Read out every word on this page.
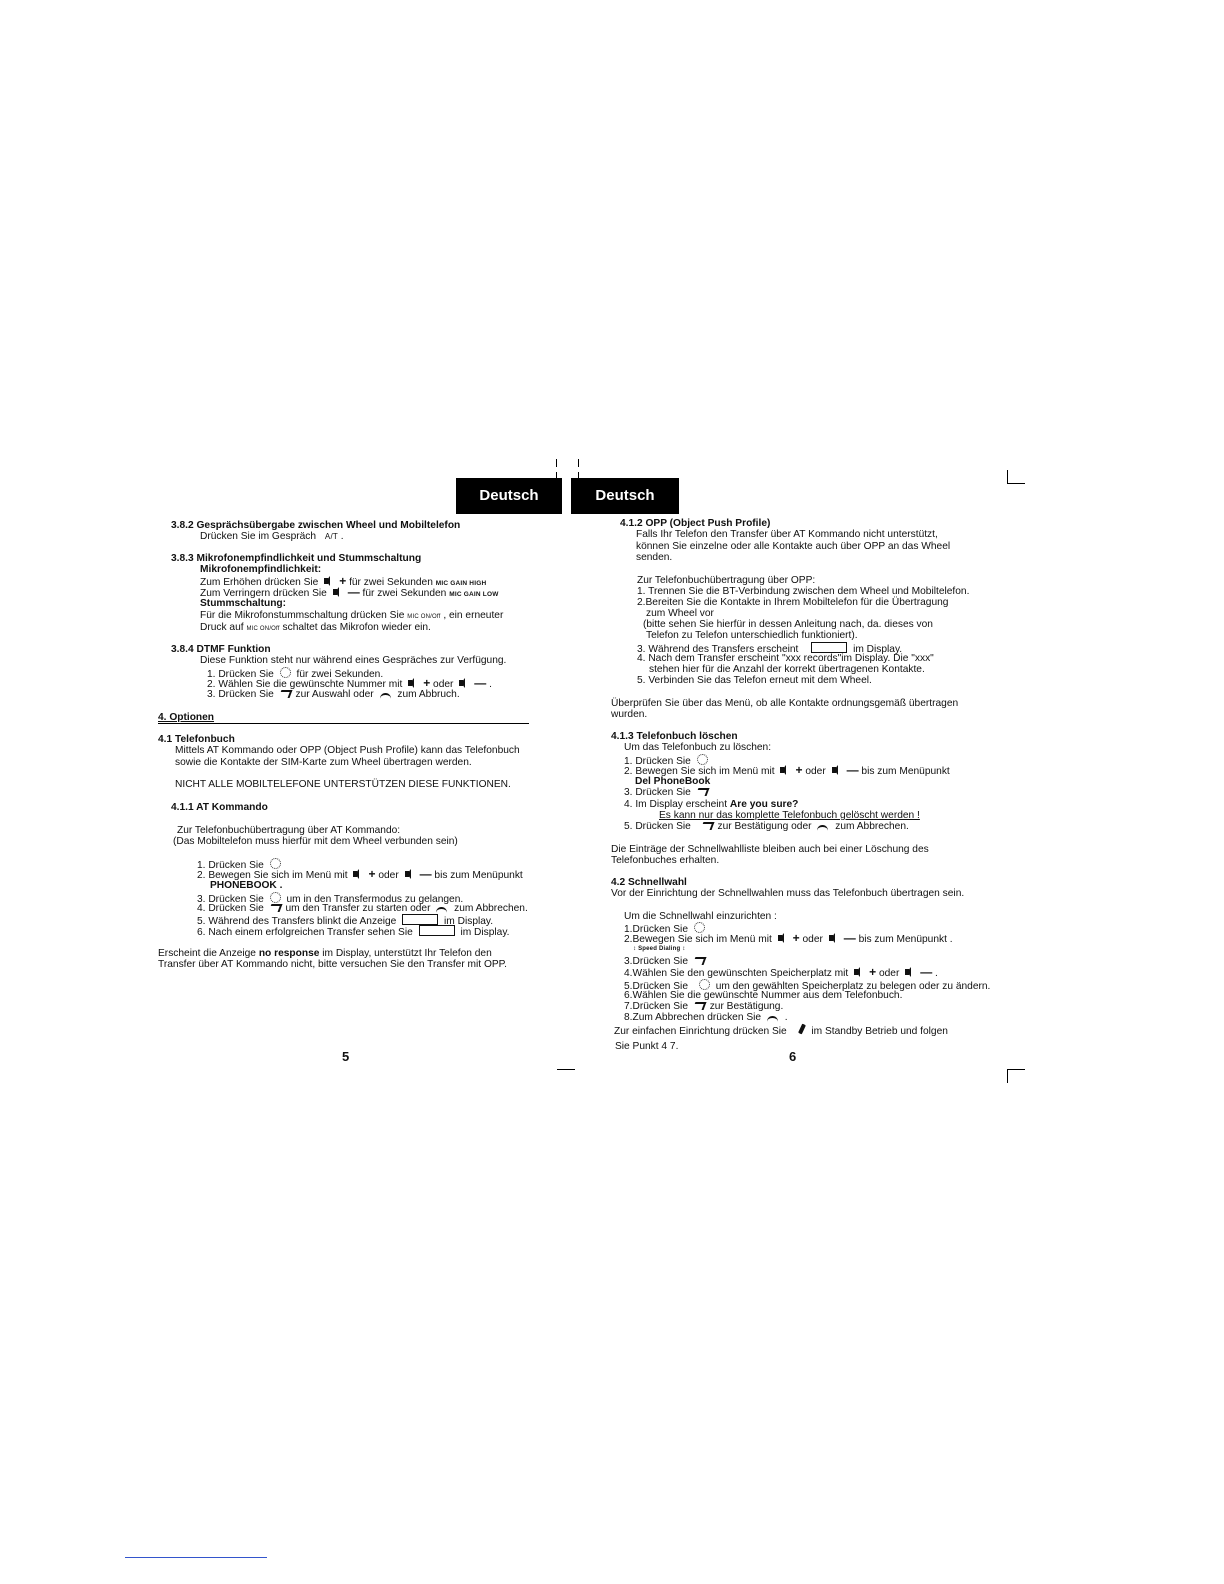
Deutsch	Deutsch
3.8.2 Gesprächsübergabe zwischen Wheel und Mobiltelefon
Drücken Sie im Gespräch A/T .
3.8.3 Mikrofonempfindlichkeit und Stummschaltung
Mikrofonempfindlichkeit:
Zum Erhöhen drücken Sie + für zwei Sekunden MIC GAIN HIGH
Zum Verringern drücken Sie — für zwei Sekunden MIC GAIN LOW
Stummschaltung:
Für die Mikrofonstummschaltung drücken Sie MIC ON/Off , ein erneuter
Druck auf MIC ON/Off schaltet das Mikrofon wieder ein.
3.8.4 DTMF Funktion
Diese Funktion steht nur während eines Gespräches zur Verfügung.
1. Drücken Sie für zwei Sekunden.
2. Wählen Sie die gewünschte Nummer mit + oder — .
3. Drücken Sie zur Auswahl oder zum Abbruch.
4. Optionen
4.1 Telefonbuch
Mittels AT Kommando oder OPP (Object Push Profile) kann das Telefonbuch
sowie die Kontakte der SIM-Karte zum Wheel übertragen werden.
NICHT ALLE MOBILTELEFONE UNTERSTÜTZEN DIESE FUNKTIONEN.
4.1.1 AT Kommando
Zur Telefonbuchübertragung über AT Kommando:
(Das Mobiltelefon muss hierfür mit dem Wheel verbunden sein)
1. Drücken Sie
2. Bewegen Sie sich im Menü mit + oder — bis zum Menüpunkt
PHONEBOOK .
3. Drücken Sie um in den Transfermodus zu gelangen.
4. Drücken Sie um den Transfer zu starten oder zum Abbrechen.
5. Während des Transfers blinkt die Anzeige	im Display.
6. Nach einem erfolgreichen Transfer sehen Sie	im Display.
Erscheint die Anzeige no response im Display, unterstützt Ihr Telefon den
Transfer über AT Kommando nicht, bitte versuchen Sie den Transfer mit OPP.
5
4.1.2 OPP (Object Push Profile)
Falls Ihr Telefon den Transfer über AT Kommando nicht unterstützt,
können Sie einzelne oder alle Kontakte auch über OPP an das Wheel
senden.
Zur Telefonbuchübertragung über OPP:
1. Trennen Sie die BT-Verbindung zwischen dem Wheel und Mobiltelefon.
2.Bereiten Sie die Kontakte in Ihrem Mobiltelefon für die Übertragung
zum Wheel vor
(bitte sehen Sie hierfür in dessen Anleitung nach, da. dieses von
Telefon zu Telefon unterschiedlich funktioniert).
3. Während des Transfers erscheint	im Display.
4. Nach dem Transfer erscheint "xxx records"im Display. Die "xxx"
stehen hier für die Anzahl der korrekt übertragenen Kontakte.
5. Verbinden Sie das Telefon erneut mit dem Wheel.
Überprüfen Sie über das Menü, ob alle Kontakte ordnungsgemäß übertragen
wurden.
4.1.3 Telefonbuch löschen
Um das Telefonbuch zu löschen:
1. Drücken Sie
2. Bewegen Sie sich im Menü mit + oder — bis zum Menüpunkt
Del PhoneBook
3. Drücken Sie
4. Im Display erscheint Are you sure?
Es kann nur das komplette Telefonbuch gelöscht werden !
5. Drücken Sie	zur Bestätigung oder zum Abbrechen.
Die Einträge der Schnellwahlliste bleiben auch bei einer Löschung des
Telefonbuches erhalten.
4.2 Schnellwahl
Vor der Einrichtung der Schnellwahlen muss das Telefonbuch übertragen sein.
Um die Schnellwahl einzurichten :
1.Drücken Sie
2.Bewegen Sie sich im Menü mit + oder — bis zum Menüpunkt .
↕ Speed Dialing ↕
3.Drücken Sie
4.Wählen Sie den gewünschten Speicherplatz mit + oder — .
5.Drücken Sie	um den gewählten Speicherplatz zu belegen oder zu ändern.
6.Wählen Sie die gewünschte Nummer aus dem Telefonbuch.
7.Drücken Sie zur Bestätigung.
8.Zum Abbrechen drücken Sie  .
Zur einfachen Einrichtung drücken Sie im Standby Betrieb und folgen
Sie Punkt 4 7.
6
